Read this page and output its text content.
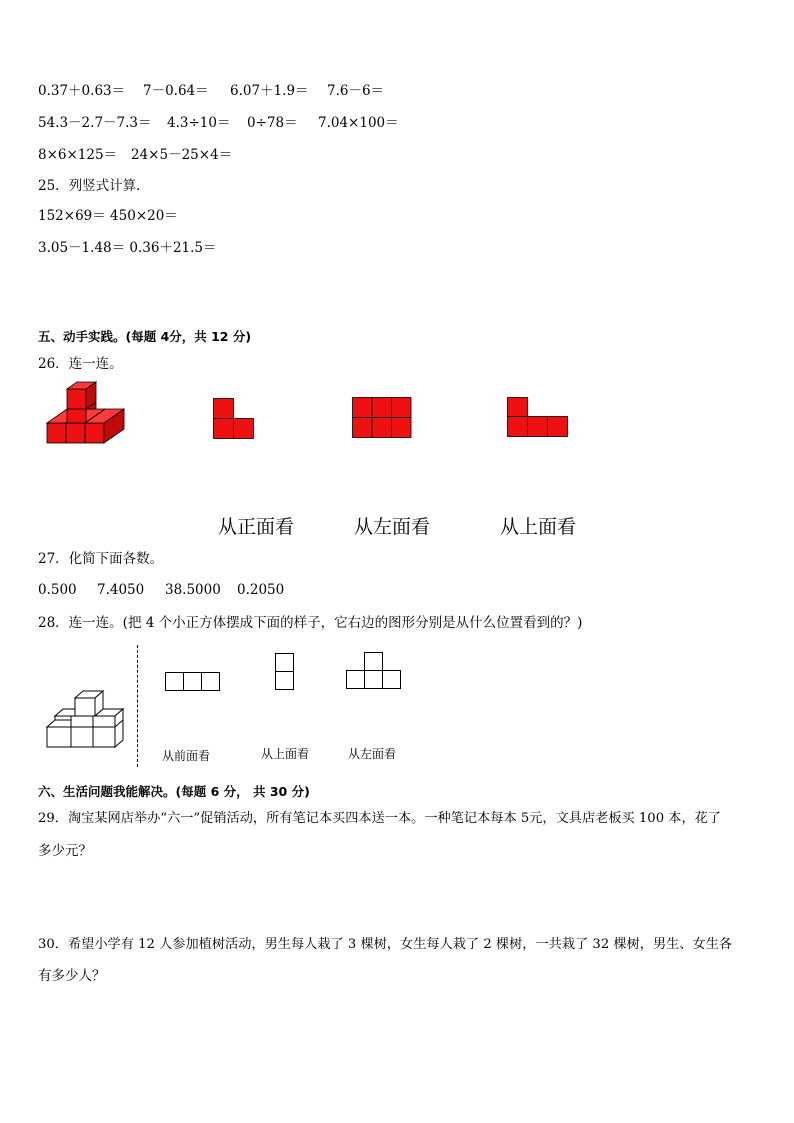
0.37＋0.63＝ 7－0.64＝ 6.07＋1.9＝ 7.6－6＝
54.3－2.7－7.3＝ 4.3÷10＝ 0÷78＝ 7.04×100＝
8×6×125＝ 24×5－25×4＝
25．列竖式计算．
152×69＝ 450×20＝
3.05－1.48＝ 0.36＋21.5＝
五、动手实践。(每题 4分，共 12 分)
26．连一连。
从正面看	从左面看	从上面看
27．化简下面各数。
0.500 7.4050 38.5000 0.2050
28．连一连。(把 4 个小正方体摆成下面的样子，它右边的图形分别是从什么位置看到的？)
从前面看	从上面看	从左面看
六、生活问题我能解决。(每题 6 分， 共 30 分)
29．淘宝某网店举办“六一”促销活动，所有笔记本买四本送一本。一种笔记本每本 5元，文具店老板买 100 本，花了
多少元？
30．希望小学有 12 人参加植树活动，男生每人栽了 3 棵树，女生每人栽了 2 棵树，一共栽了 32 棵树，男生、女生各
有多少人？
